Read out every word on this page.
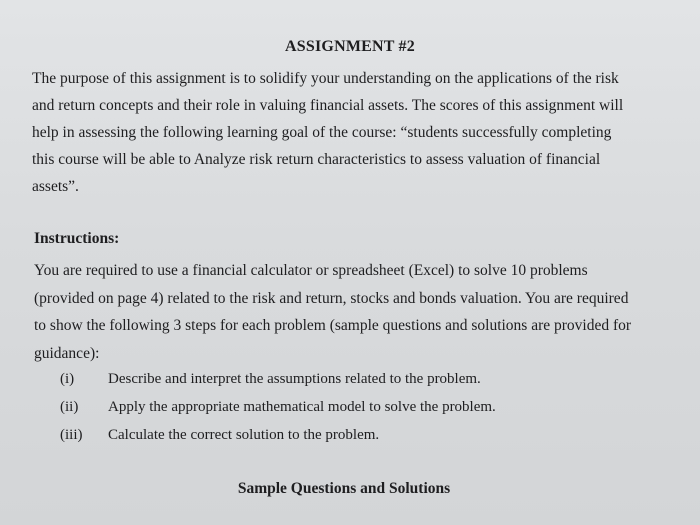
ASSIGNMENT #2
The purpose of this assignment is to solidify your understanding on the applications of the risk
and return concepts and their role in valuing financial assets. The scores of this assignment will
help in assessing the following learning goal of the course: “students successfully completing
this course will be able to Analyze risk return characteristics to assess valuation of financial
assets”.
Instructions:
You are required to use a financial calculator or spreadsheet (Excel) to solve 10 problems
(provided on page 4) related to the risk and return, stocks and bonds valuation. You are required
to show the following 3 steps for each problem (sample questions and solutions are provided for
guidance):
(i)	Describe and interpret the assumptions related to the problem.
(ii)	Apply the appropriate mathematical model to solve the problem.
(iii)	Calculate the correct solution to the problem.
Sample Questions and Solutions
